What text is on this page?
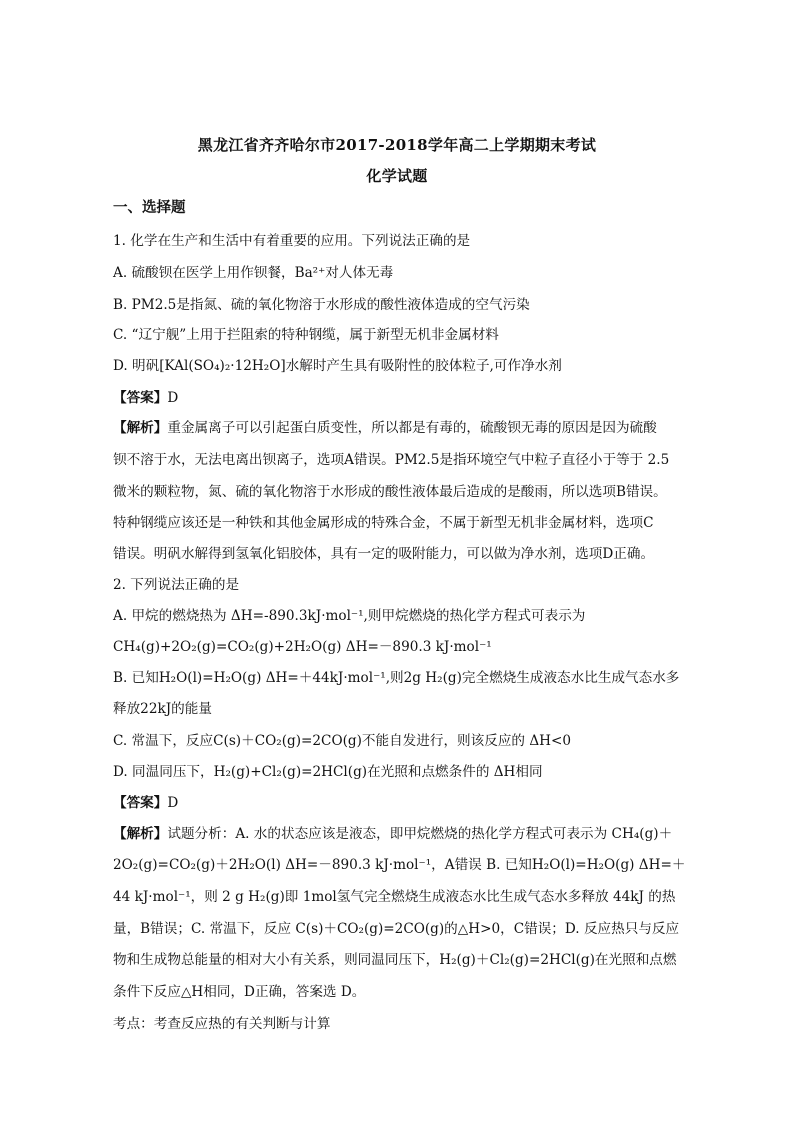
黑龙江省齐齐哈尔市2017-2018学年高二上学期期末考试
化学试题
一、选择题
1. 化学在生产和生活中有着重要的应用。下列说法正确的是
A. 硫酸钡在医学上用作钡餐，Ba²⁺对人体无毒
B. PM2.5是指氮、硫的氧化物溶于水形成的酸性液体造成的空气污染
C. “辽宁舰”上用于拦阻索的特种钢缆，属于新型无机非金属材料
D. 明矾[KAl(SO₄)₂·12H₂O]水解时产生具有吸附性的胶体粒子,可作净水剂
【答案】D
【解析】重金属离子可以引起蛋白质变性，所以都是有毒的，硫酸钡无毒的原因是因为硫酸
钡不溶于水，无法电离出钡离子，选项A错误。PM2.5是指环境空气中粒子直径小于等于 2.5
微米的颗粒物，氮、硫的氧化物溶于水形成的酸性液体最后造成的是酸雨，所以选项B错误。
特种钢缆应该还是一种铁和其他金属形成的特殊合金，不属于新型无机非金属材料，选项C
错误。明矾水解得到氢氧化铝胶体，具有一定的吸附能力，可以做为净水剂，选项D正确。
2. 下列说法正确的是
A. 甲烷的燃烧热为 ΔH=-890.3kJ·mol⁻¹,则甲烷燃烧的热化学方程式可表示为
CH₄(g)+2O₂(g)=CO₂(g)+2H₂O(g) ΔH=－890.3 kJ·mol⁻¹
B. 已知H₂O(l)=H₂O(g) ΔH=＋44kJ·mol⁻¹,则2g H₂(g)完全燃烧生成液态水比生成气态水多
释放22kJ的能量
C. 常温下，反应C(s)＋CO₂(g)=2CO(g)不能自发进行，则该反应的 ΔH<0
D. 同温同压下，H₂(g)+Cl₂(g)=2HCl(g)在光照和点燃条件的 ΔH相同
【答案】D
【解析】试题分析：A. 水的状态应该是液态，即甲烷燃烧的热化学方程式可表示为 CH₄(g)＋
2O₂(g)=CO₂(g)＋2H₂O(l) ΔH=－890.3 kJ·mol⁻¹，A错误 B. 已知H₂O(l)=H₂O(g) ΔH=＋
44 kJ·mol⁻¹，则 2 g H₂(g)即 1mol氢气完全燃烧生成液态水比生成气态水多释放 44kJ 的热
量，B错误；C. 常温下，反应 C(s)＋CO₂(g)=2CO(g)的△H>0，C错误；D. 反应热只与反应
物和生成物总能量的相对大小有关系，则同温同压下，H₂(g)＋Cl₂(g)=2HCl(g)在光照和点燃
条件下反应△H相同，D正确，答案选 D。
考点：考查反应热的有关判断与计算
